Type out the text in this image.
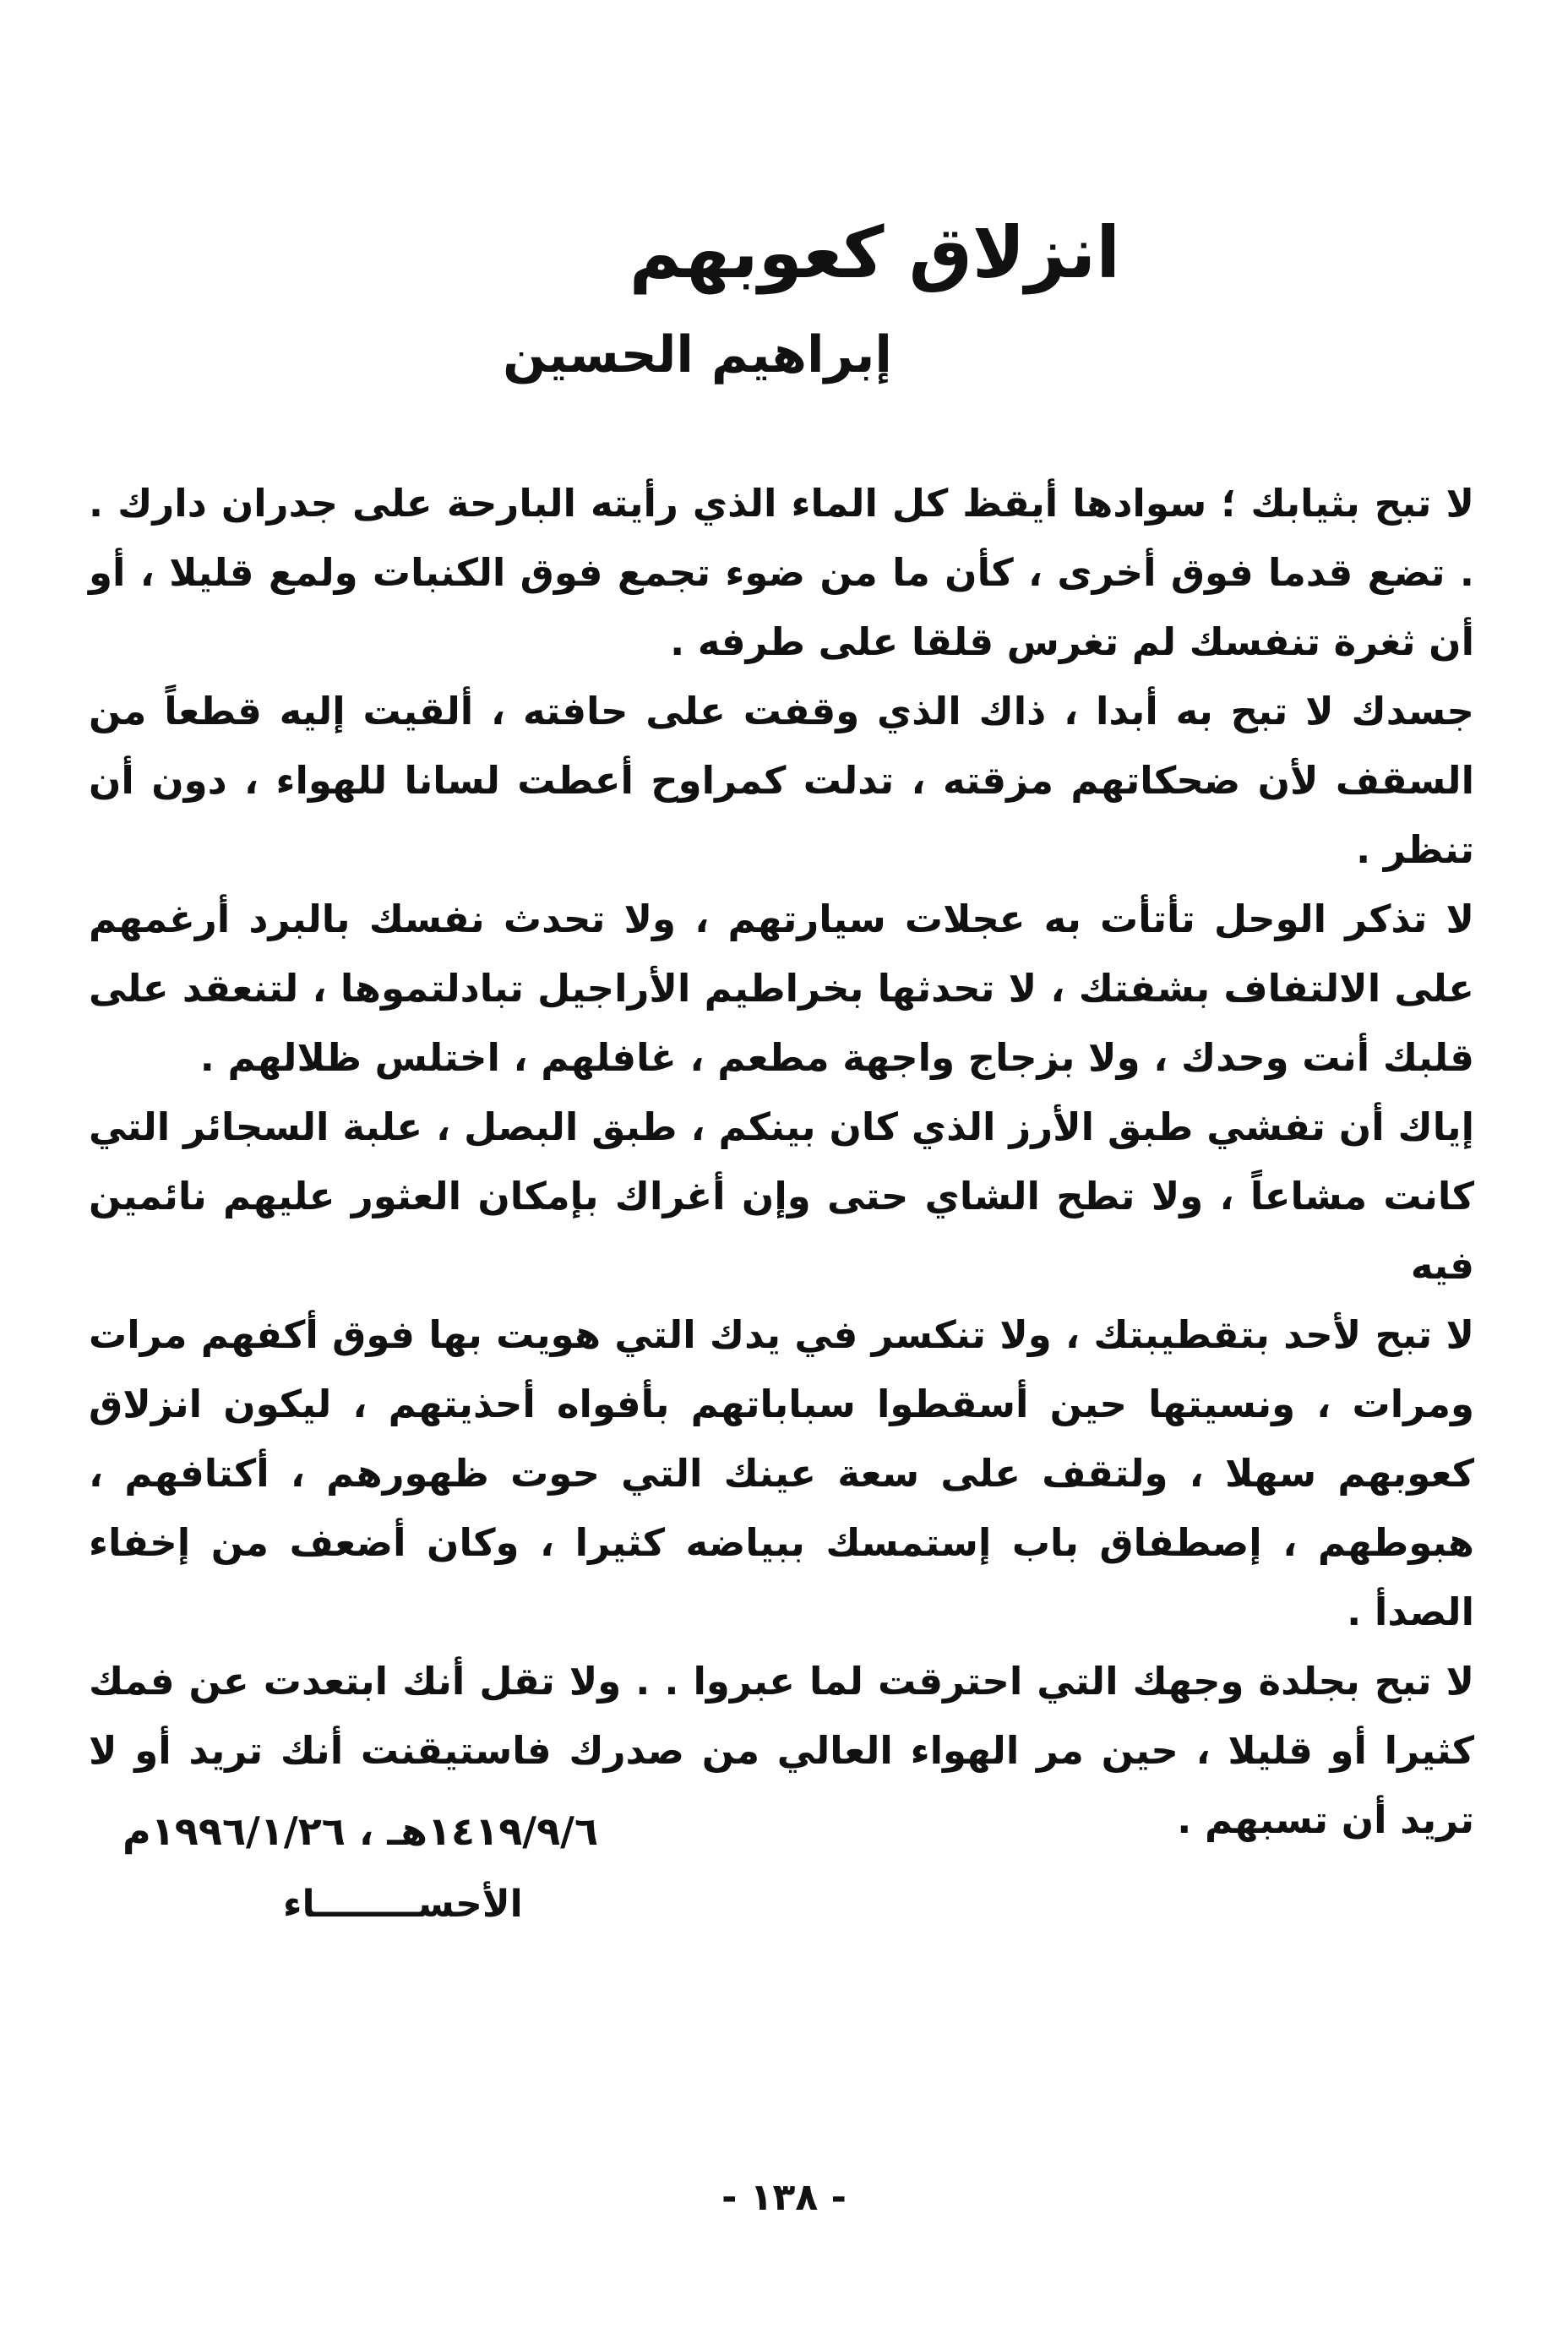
انزلاق كعوبهم
إبراهيم الحسين

لا تبح بثيابك ؛ سوادها أيقظ كل الماء الذي رأيته البارحة على جدران دارك . . تضع قدما فوق أخرى ، كأن ما من ضوء تجمع فوق الكنبات ولمع قليلا ، أو أن ثغرة تنفسك لم تغرس قلقا على طرفه .

جسدك لا تبح به أبدا ، ذاك الذي وقفت على حافته ، ألقيت إليه قطعاً من السقف لأن ضحكاتهم مزقته ، تدلت كمراوح أعطت لسانا للهواء ، دون أن تنظر .

لا تذكر الوحل تأتأت به عجلات سيارتهم ، ولا تحدث نفسك بالبرد أرغمهم على الالتفاف بشفتك ، لا تحدثها بخراطيم الأراجيل تبادلتموها ، لتنعقد على قلبك أنت وحدك ، ولا بزجاج واجهة مطعم ، غافلهم ، اختلس ظلالهم .

إياك أن تفشي طبق الأرز الذي كان بينكم ، طبق البصل ، علبة السجائر التي كانت مشاعاً ، ولا تطح الشاي حتى وإن أغراك بإمكان العثور عليهم نائمين فيه

لا تبح لأحد بتقطيبتك ، ولا تنكسر في يدك التي هويت بها فوق أكفهم مرات ومرات ، ونسيتها حين أسقطوا سباباتهم بأفواه أحذيتهم ، ليكون انزلاق كعوبهم سهلا ، ولتقف على سعة عينك التي حوت ظهورهم ، أكتافهم ، هبوطهم ، إصطفاق باب إستمسك ببياضه كثيرا ، وكان أضعف من إخفاء الصدأ .

لا تبح بجلدة وجهك التي احترقت لما عبروا . . ولا تقل أنك ابتعدت عن فمك كثيرا أو قليلا ، حين مر الهواء العالي من صدرك فاستيقنت أنك تريد أو لا تريد أن تسبهم .

١٤١٩/٩/٦هـ ، ١٩٩٦/١/٢٦م
الأحســــــــاء
- ١٣٨ -
